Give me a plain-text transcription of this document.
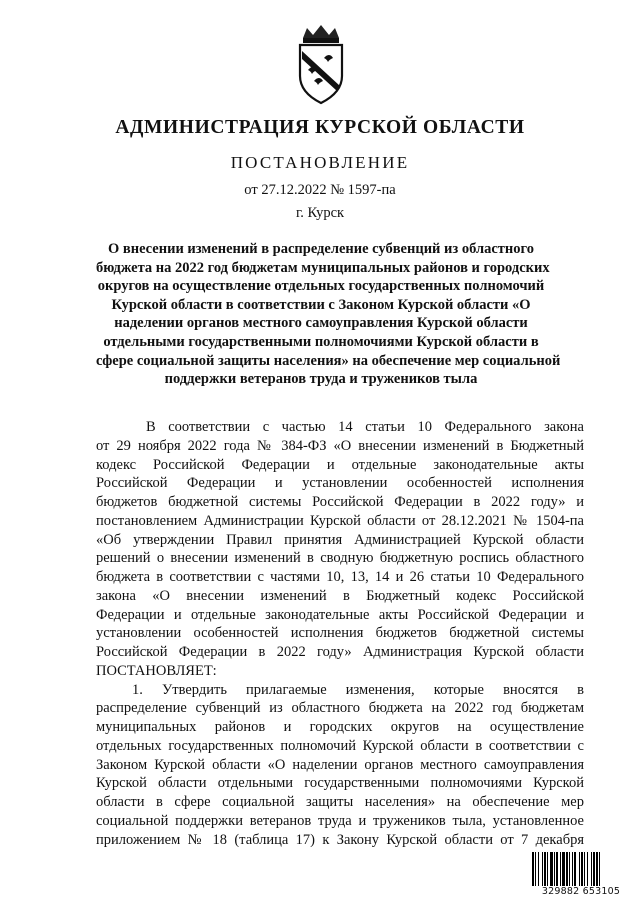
АДМИНИСТРАЦИЯ КУРСКОЙ ОБЛАСТИ
ПОСТАНОВЛЕНИЕ
от 27.12.2022 № 1597-па
г. Курск
О внесении изменений в распределение субвенций из областного
бюджета на 2022 год бюджетам муниципальных районов и городских
округов на осуществление отдельных государственных полномочий
Курской области в соответствии с Законом Курской области «О
наделении органов местного самоуправления Курской области
отдельными государственными полномочиями Курской области в
сфере социальной защиты населения» на обеспечение мер социальной
поддержки ветеранов труда и тружеников тыла
В соответствии с частью 14 статьи 10 Федерального закона
от 29 ноября 2022 года № 384-ФЗ «О внесении изменений в Бюджетный
кодекс Российской Федерации и отдельные законодательные акты
Российской Федерации и установлении особенностей исполнения
бюджетов бюджетной системы Российской Федерации в 2022 году» и
постановлением Администрации Курской области от 28.12.2021 № 1504-па
«Об утверждении Правил принятия Администрацией Курской области
решений о внесении изменений в сводную бюджетную роспись областного
бюджета в соответствии с частями 10, 13, 14 и 26 статьи 10 Федерального
закона «О внесении изменений в Бюджетный кодекс Российской
Федерации и отдельные законодательные акты Российской Федерации и
установлении особенностей исполнения бюджетов бюджетной системы
Российской Федерации в 2022 году» Администрация Курской области
ПОСТАНОВЛЯЕТ:
1. Утвердить прилагаемые изменения, которые вносятся в
распределение субвенций из областного бюджета на 2022 год бюджетам
муниципальных районов и городских округов на осуществление
отдельных государственных полномочий Курской области в соответствии с
Законом Курской области «О наделении органов местного самоуправления
Курской области отдельными государственными полномочиями Курской
области в сфере социальной защиты населения» на обеспечение мер
социальной поддержки ветеранов труда и тружеников тыла, установленное
приложением № 18 (таблица 17) к Закону Курской области от 7 декабря
329882 653105
